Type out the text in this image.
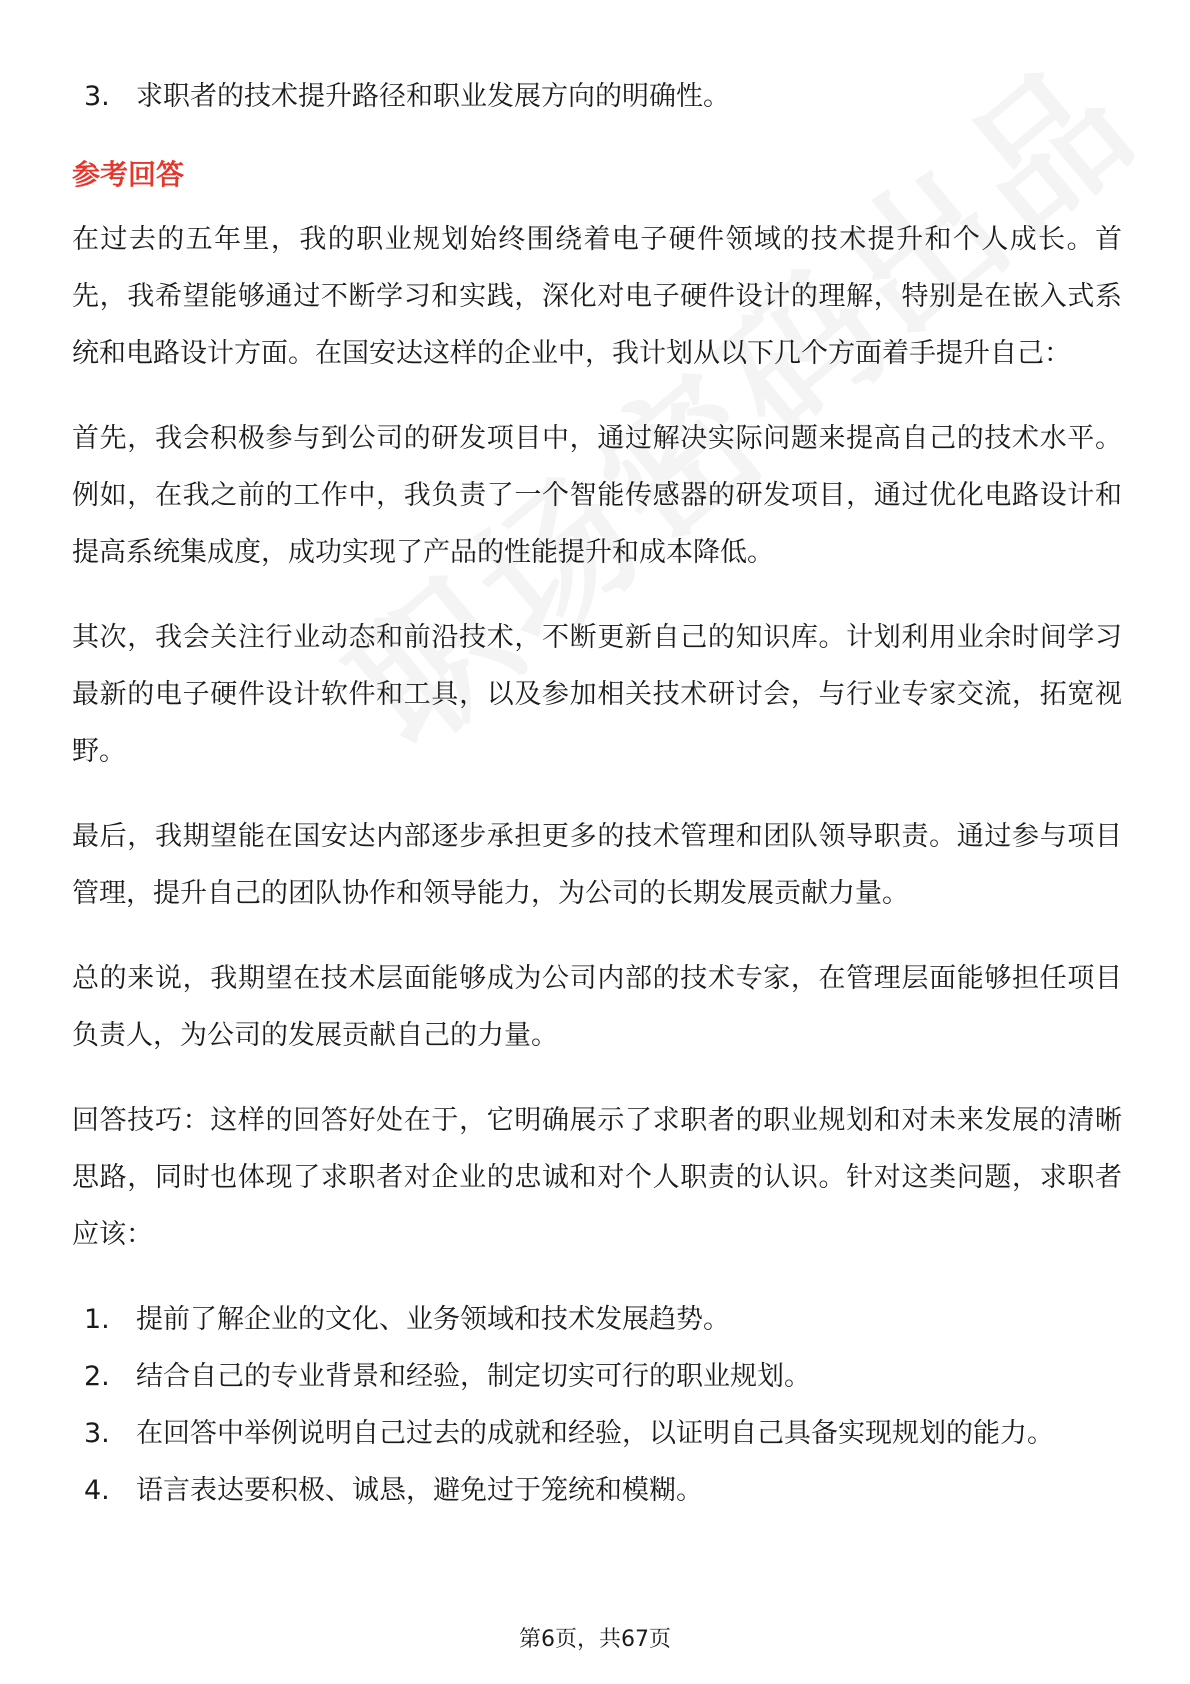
3. 求职者的技术提升路径和职业发展方向的明确性。
参考回答

在过去的五年里，我的职业规划始终围绕着电子硬件领域的技术提升和个人成长。首先，我希望能够通过不断学习和实践，深化对电子硬件设计的理解，特别是在嵌入式系统和电路设计方面。在国安达这样的企业中，我计划从以下几个方面着手提升自己：

首先，我会积极参与到公司的研发项目中，通过解决实际问题来提高自己的技术水平。例如，在我之前的工作中，我负责了一个智能传感器的研发项目，通过优化电路设计和提高系统集成度，成功实现了产品的性能提升和成本降低。

其次，我会关注行业动态和前沿技术，不断更新自己的知识库。计划利用业余时间学习最新的电子硬件设计软件和工具，以及参加相关技术研讨会，与行业专家交流，拓宽视野。

最后，我期望能在国安达内部逐步承担更多的技术管理和团队领导职责。通过参与项目管理，提升自己的团队协作和领导能力，为公司的长期发展贡献力量。

总的来说，我期望在技术层面能够成为公司内部的技术专家，在管理层面能够担任项目负责人，为公司的发展贡献自己的力量。

回答技巧：这样的回答好处在于，它明确展示了求职者的职业规划和对未来发展的清晰思路，同时也体现了求职者对企业的忠诚和对个人职责的认识。针对这类问题，求职者应该：

1. 提前了解企业的文化、业务领域和技术发展趋势。
2. 结合自己的专业背景和经验，制定切实可行的职业规划。
3. 在回答中举例说明自己过去的成就和经验，以证明自己具备实现规划的能力。
4. 语言表达要积极、诚恳，避免过于笼统和模糊。
第6页，共67页
